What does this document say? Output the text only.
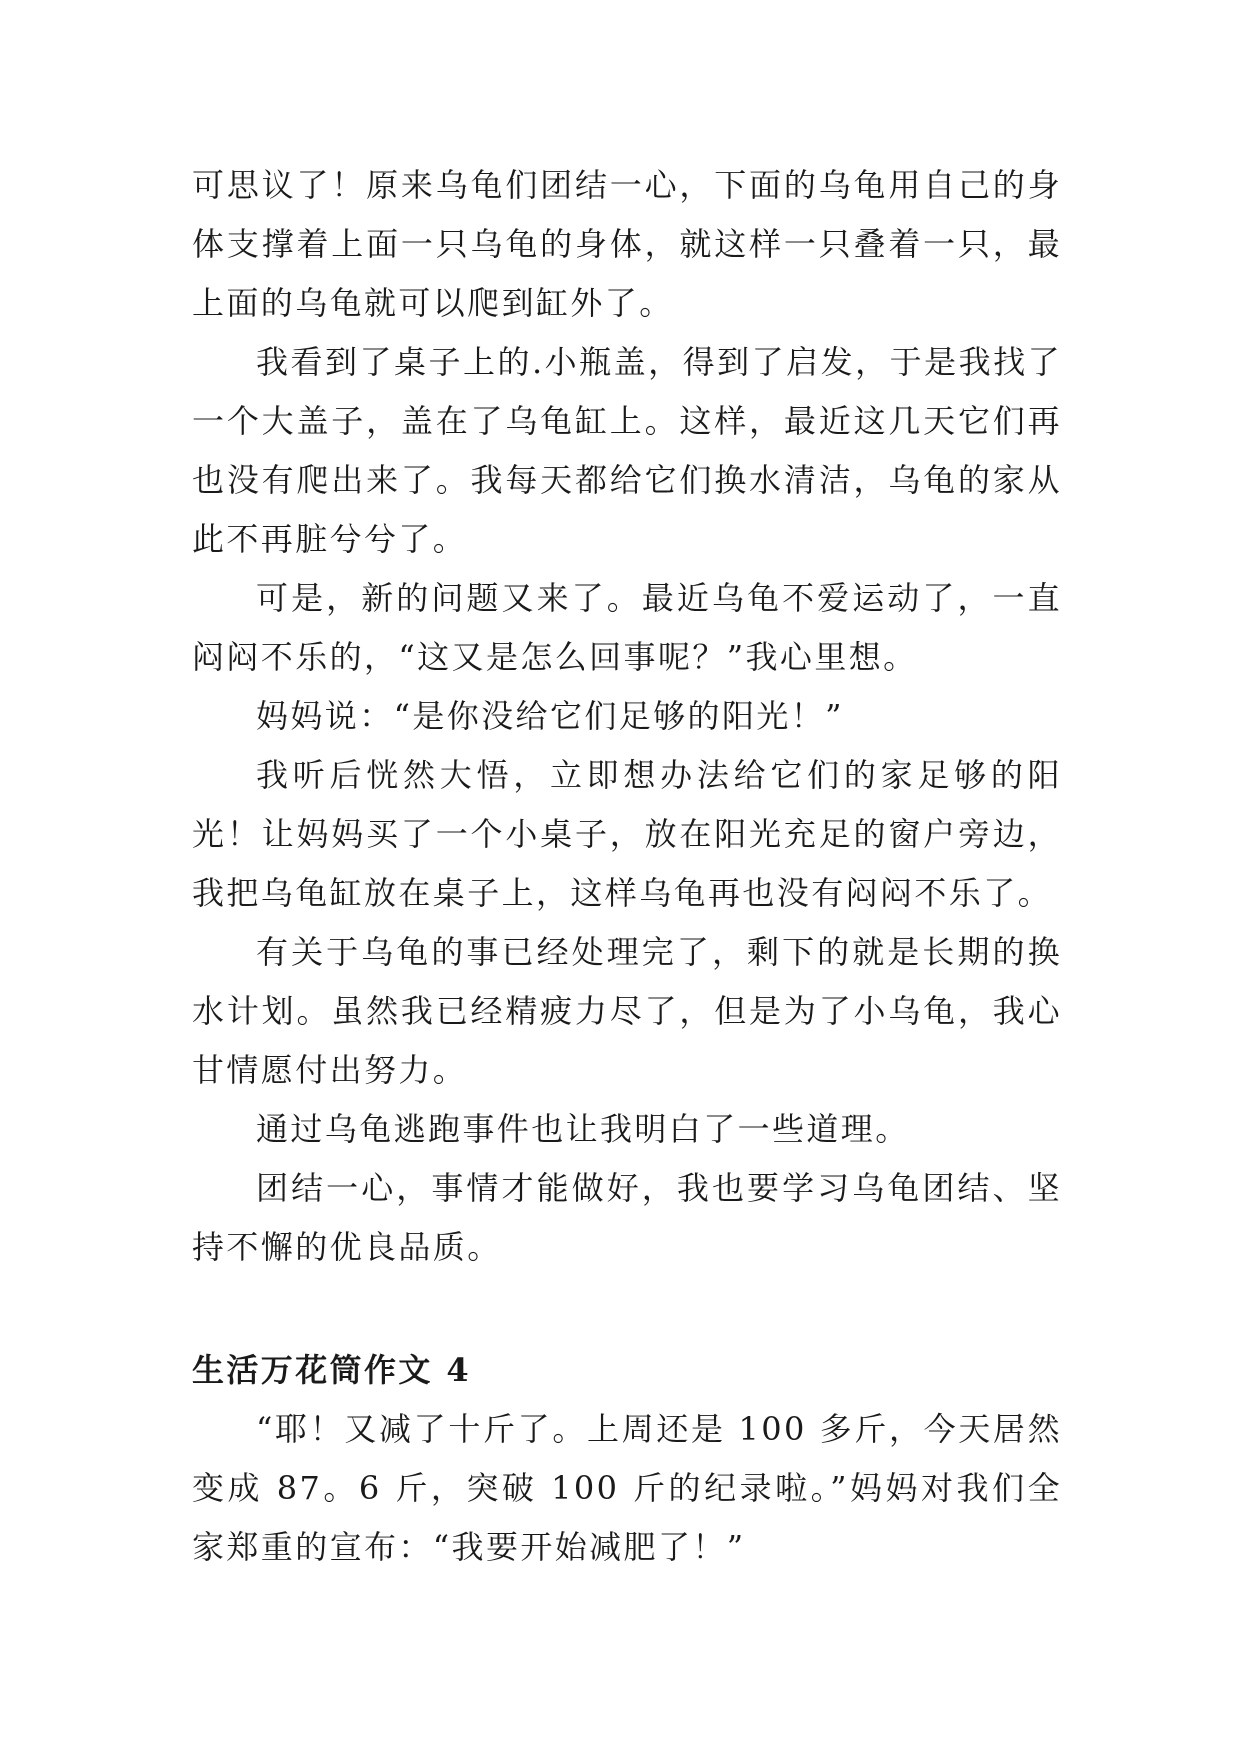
可思议了！原来乌龟们团结一心，下面的乌龟用自己的身体支撑着上面一只乌龟的身体，就这样一只叠着一只，最上面的乌龟就可以爬到缸外了。

我看到了桌子上的.小瓶盖，得到了启发，于是我找了一个大盖子，盖在了乌龟缸上。这样，最近这几天它们再也没有爬出来了。我每天都给它们换水清洁，乌龟的家从此不再脏兮兮了。

可是，新的问题又来了。最近乌龟不爱运动了，一直闷闷不乐的，“这又是怎么回事呢？”我心里想。

妈妈说：“是你没给它们足够的阳光！”

我听后恍然大悟，立即想办法给它们的家足够的阳光！让妈妈买了一个小桌子，放在阳光充足的窗户旁边，我把乌龟缸放在桌子上，这样乌龟再也没有闷闷不乐了。

有关于乌龟的事已经处理完了，剩下的就是长期的换水计划。虽然我已经精疲力尽了，但是为了小乌龟，我心甘情愿付出努力。

通过乌龟逃跑事件也让我明白了一些道理。

团结一心，事情才能做好，我也要学习乌龟团结、坚持不懈的优良品质。

生活万花筒作文 4

“耶！又减了十斤了。上周还是 100 多斤，今天居然变成 87。6 斤，突破 100 斤的纪录啦。”妈妈对我们全家郑重的宣布：“我要开始减肥了！”
